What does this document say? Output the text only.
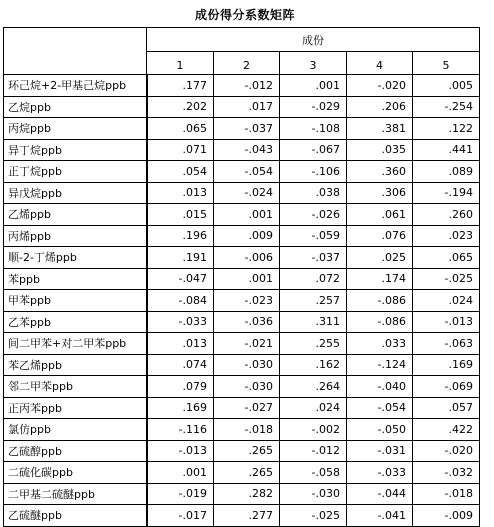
成份得分系数矩阵
	成份				
	1	2	3	4	5
环己烷+2-甲基己烷ppb	.177	-.012	.001	-.020	.005
乙烷ppb	.202	.017	-.029	.206	-.254
丙烷ppb	.065	-.037	-.108	.381	.122
异丁烷ppb	.071	-.043	-.067	.035	.441
正丁烷ppb	.054	-.054	-.106	.360	.089
异戊烷ppb	.013	-.024	.038	.306	-.194
乙烯ppb	.015	.001	-.026	.061	.260
丙烯ppb	.196	.009	-.059	.076	.023
顺-2-丁烯ppb	.191	-.006	-.037	.025	.065
苯ppb	-.047	.001	.072	.174	-.025
甲苯ppb	-.084	-.023	.257	-.086	.024
乙苯ppb	-.033	-.036	.311	-.086	-.013
间二甲苯+对二甲苯ppb	.013	-.021	.255	.033	-.063
苯乙烯ppb	.074	-.030	.162	-.124	.169
邻二甲苯ppb	.079	-.030	.264	-.040	-.069
正丙苯ppb	.169	-.027	.024	-.054	.057
氯仿ppb	-.116	-.018	-.002	-.050	.422
乙硫醇ppb	-.013	.265	-.012	-.031	-.020
二硫化碳ppb	.001	.265	-.058	-.033	-.032
二甲基二硫醚ppb	-.019	.282	-.030	-.044	-.018
乙硫醚ppb	-.017	.277	-.025	-.041	-.009
